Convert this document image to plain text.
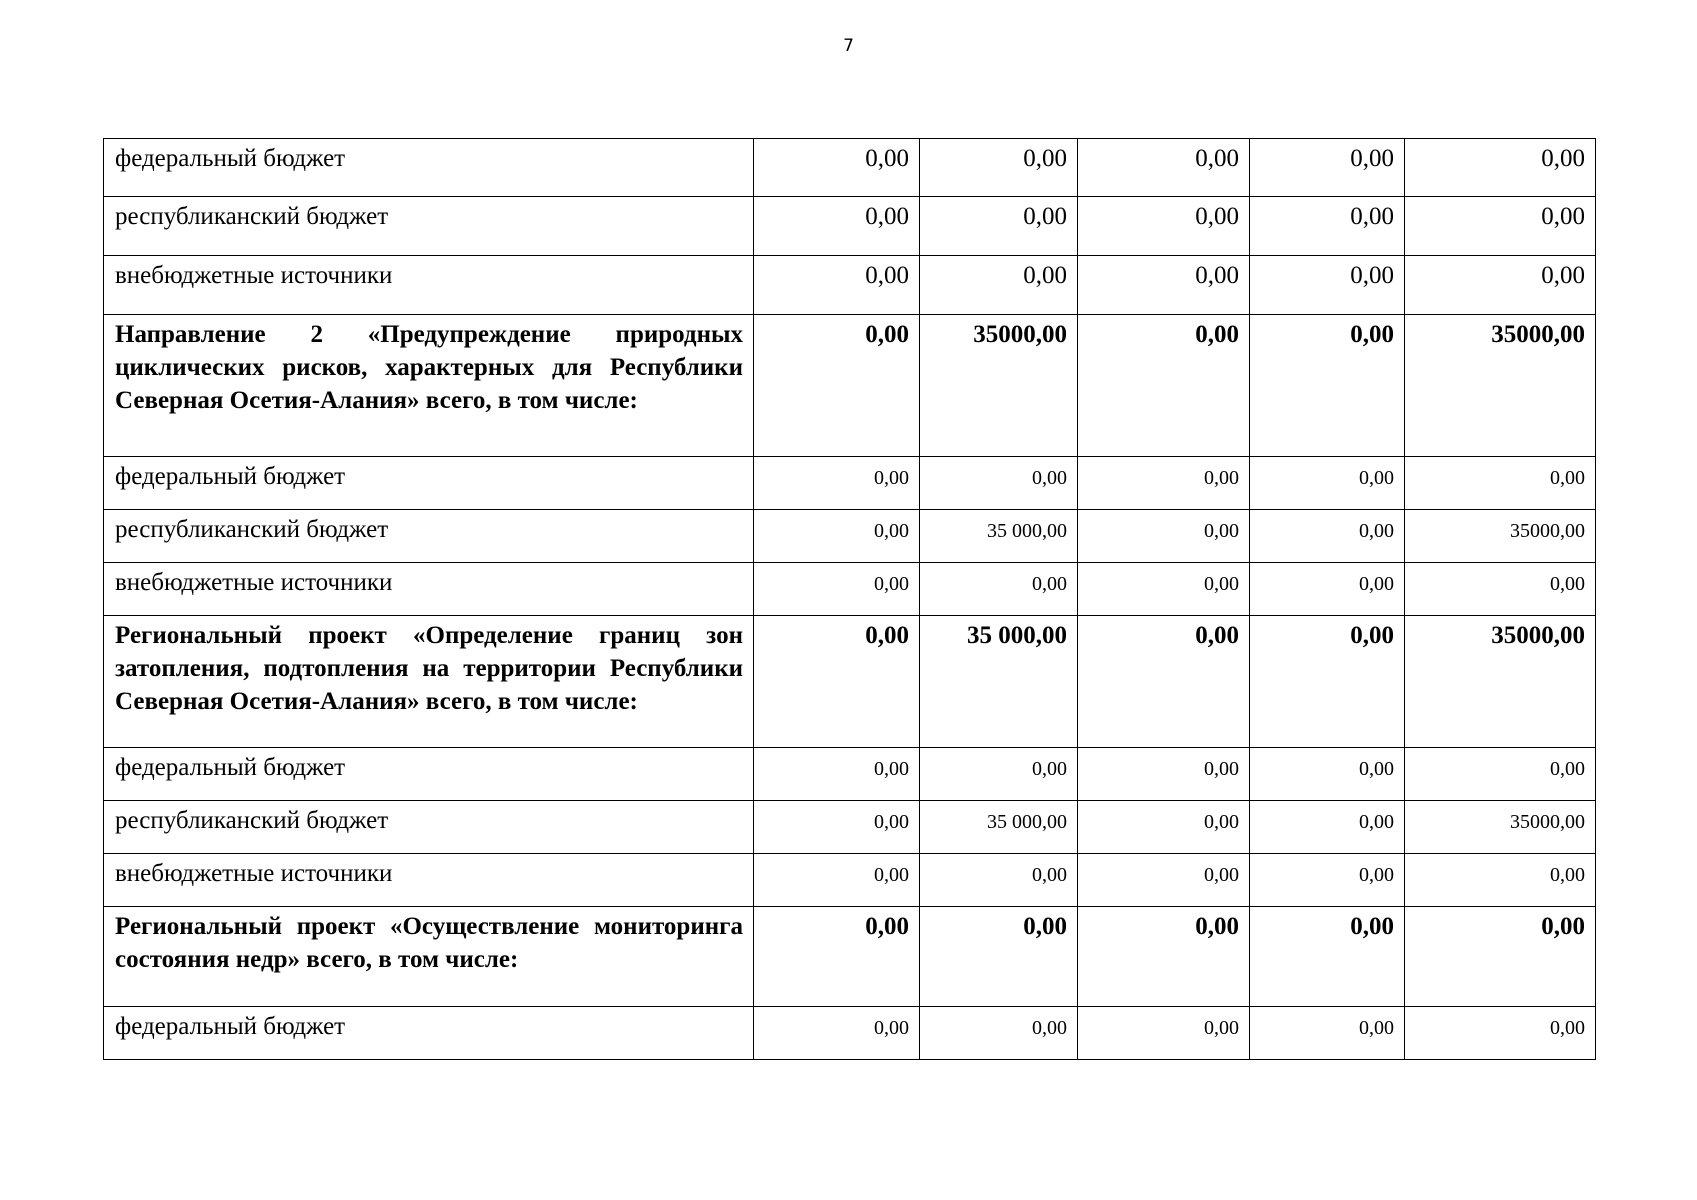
7
федеральный бюджет	0,00	0,00	0,00	0,00	0,00
республиканский бюджет	0,00	0,00	0,00	0,00	0,00
внебюджетные источники	0,00	0,00	0,00	0,00	0,00
Направление 2 «Предупреждение природных циклических рисков, характерных для Республики Северная Осетия-Алания» всего, в том числе:	0,00	35000,00	0,00	0,00	35000,00
федеральный бюджет	0,00	0,00	0,00	0,00	0,00
республиканский бюджет	0,00	35 000,00	0,00	0,00	35000,00
внебюджетные источники	0,00	0,00	0,00	0,00	0,00
Региональный проект «Определение границ зон затопления, подтопления на территории Республики Северная Осетия-Алания» всего, в том числе:	0,00	35 000,00	0,00	0,00	35000,00
федеральный бюджет	0,00	0,00	0,00	0,00	0,00
республиканский бюджет	0,00	35 000,00	0,00	0,00	35000,00
внебюджетные источники	0,00	0,00	0,00	0,00	0,00
Региональный проект «Осуществление мониторинга состояния недр» всего, в том числе:	0,00	0,00	0,00	0,00	0,00
федеральный бюджет	0,00	0,00	0,00	0,00	0,00
